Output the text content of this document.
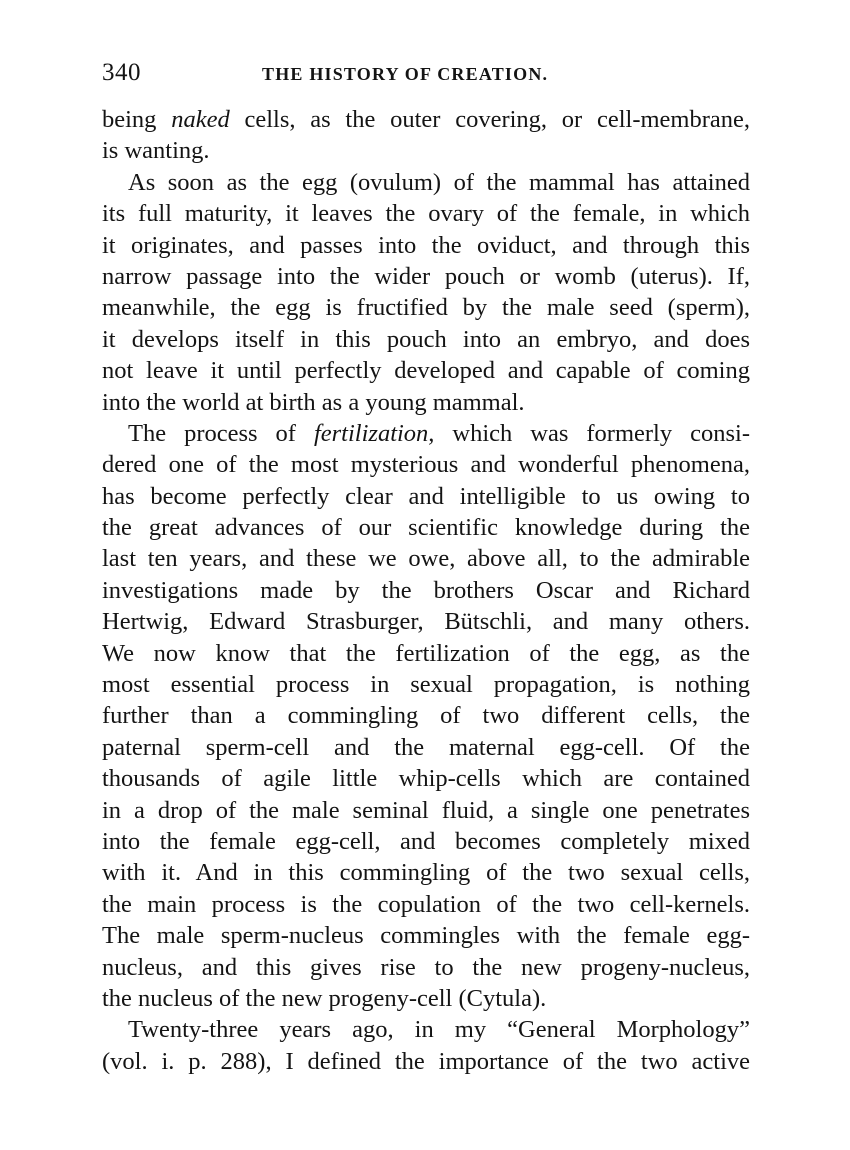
340	THE HISTORY OF CREATION.
being naked cells, as the outer covering, or cell-membrane,
is wanting.
As soon as the egg (ovulum) of the mammal has attained
its full maturity, it leaves the ovary of the female, in which
it originates, and passes into the oviduct, and through this
narrow passage into the wider pouch or womb (uterus). If,
meanwhile, the egg is fructified by the male seed (sperm),
it develops itself in this pouch into an embryo, and does
not leave it until perfectly developed and capable of coming
into the world at birth as a young mammal.
The process of fertilization, which was formerly consi-
dered one of the most mysterious and wonderful phenomena,
has become perfectly clear and intelligible to us owing to
the great advances of our scientific knowledge during the
last ten years, and these we owe, above all, to the admirable
investigations made by the brothers Oscar and Richard
Hertwig, Edward Strasburger, Bütschli, and many others.
We now know that the fertilization of the egg, as the
most essential process in sexual propagation, is nothing
further than a commingling of two different cells, the
paternal sperm-cell and the maternal egg-cell. Of the
thousands of agile little whip-cells which are contained
in a drop of the male seminal fluid, a single one penetrates
into the female egg-cell, and becomes completely mixed
with it. And in this commingling of the two sexual cells,
the main process is the copulation of the two cell-kernels.
The male sperm-nucleus commingles with the female egg-
nucleus, and this gives rise to the new progeny-nucleus,
the nucleus of the new progeny-cell (Cytula).
Twenty-three years ago, in my “General Morphology”
(vol. i. p. 288), I defined the importance of the two active
